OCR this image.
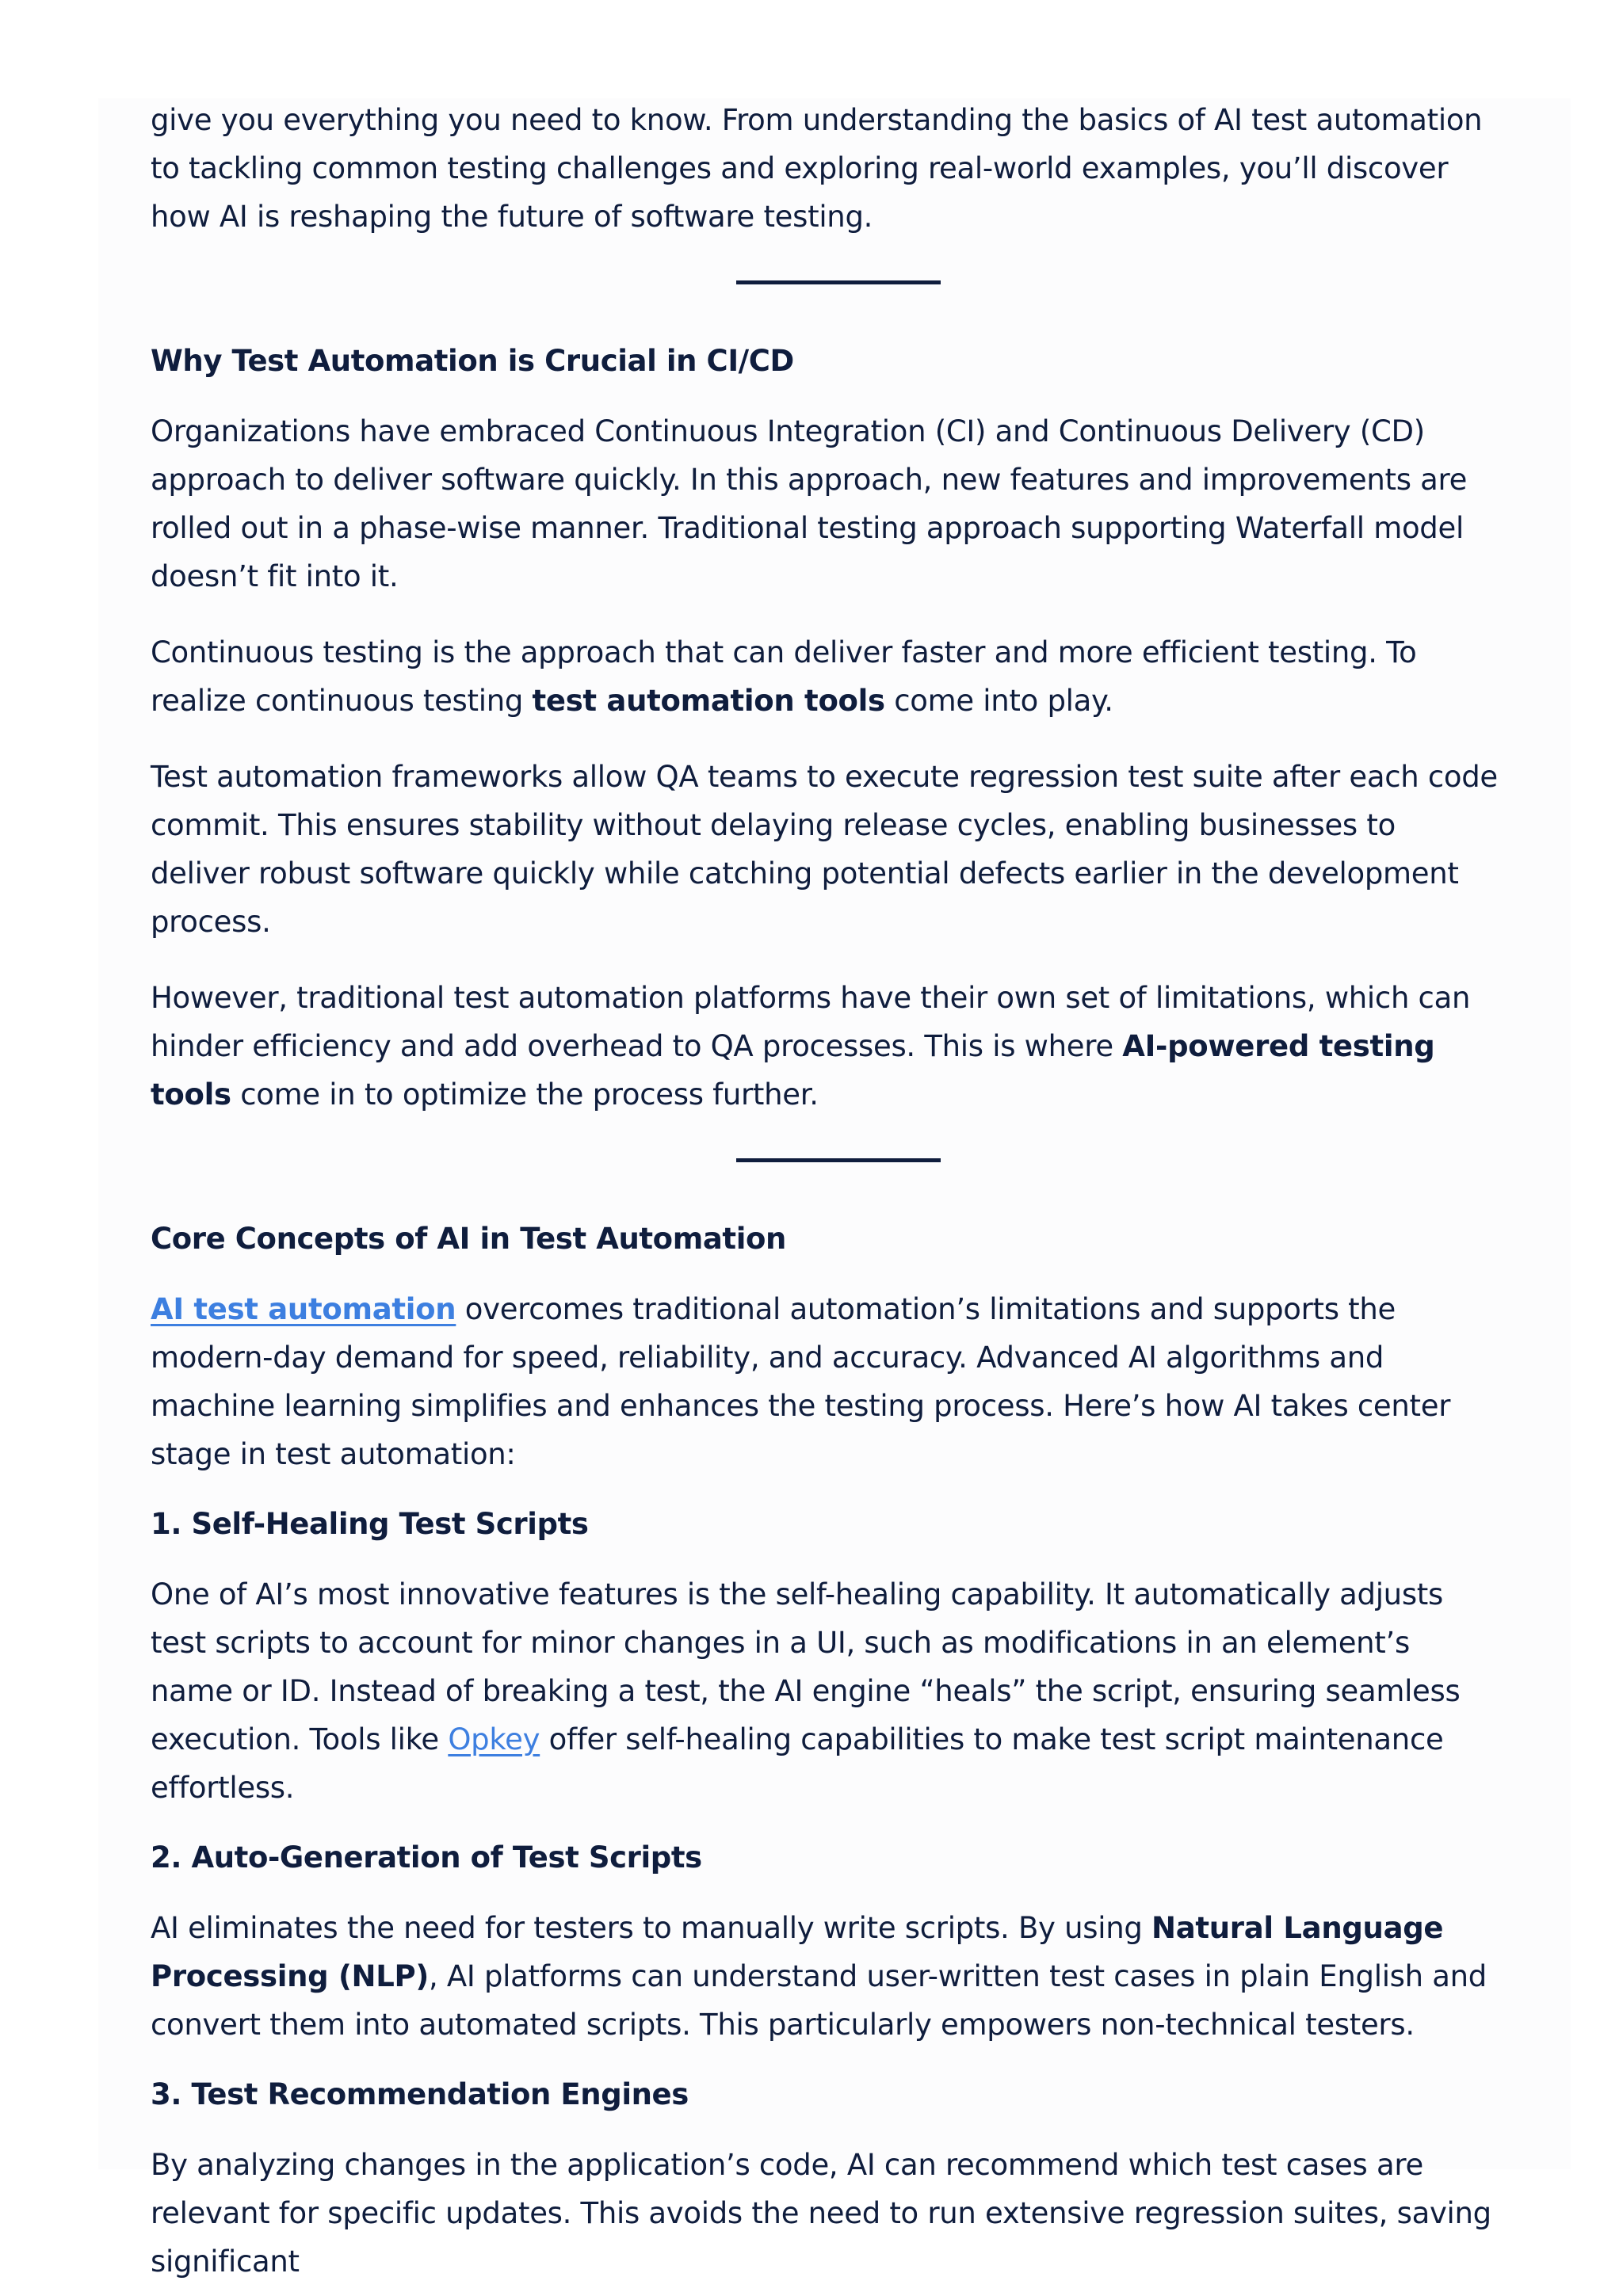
give you everything you need to know. From understanding the basics of AI test automation to tackling common testing challenges and exploring real-world examples, you’ll discover how AI is reshaping the future of software testing.

Why Test Automation is Crucial in CI/CD

Organizations have embraced Continuous Integration (CI) and Continuous Delivery (CD) approach to deliver software quickly. In this approach, new features and improvements are rolled out in a phase-wise manner. Traditional testing approach supporting Waterfall model doesn’t fit into it.

Continuous testing is the approach that can deliver faster and more efficient testing. To realize continuous testing test automation tools come into play.

Test automation frameworks allow QA teams to execute regression test suite after each code commit. This ensures stability without delaying release cycles, enabling businesses to deliver robust software quickly while catching potential defects earlier in the development process.

However, traditional test automation platforms have their own set of limitations, which can hinder efficiency and add overhead to QA processes. This is where AI-powered testing tools come in to optimize the process further.

Core Concepts of AI in Test Automation

AI test automation overcomes traditional automation’s limitations and supports the modern-day demand for speed, reliability, and accuracy. Advanced AI algorithms and machine learning simplifies and enhances the testing process. Here’s how AI takes center stage in test automation:

1. Self-Healing Test Scripts

One of AI’s most innovative features is the self-healing capability. It automatically adjusts test scripts to account for minor changes in a UI, such as modifications in an element’s name or ID. Instead of breaking a test, the AI engine “heals” the script, ensuring seamless execution. Tools like Opkey offer self-healing capabilities to make test script maintenance effortless.

2. Auto-Generation of Test Scripts

AI eliminates the need for testers to manually write scripts. By using Natural Language Processing (NLP), AI platforms can understand user-written test cases in plain English and convert them into automated scripts. This particularly empowers non-technical testers.

3. Test Recommendation Engines

By analyzing changes in the application’s code, AI can recommend which test cases are relevant for specific updates. This avoids the need to run extensive regression suites, saving significant
